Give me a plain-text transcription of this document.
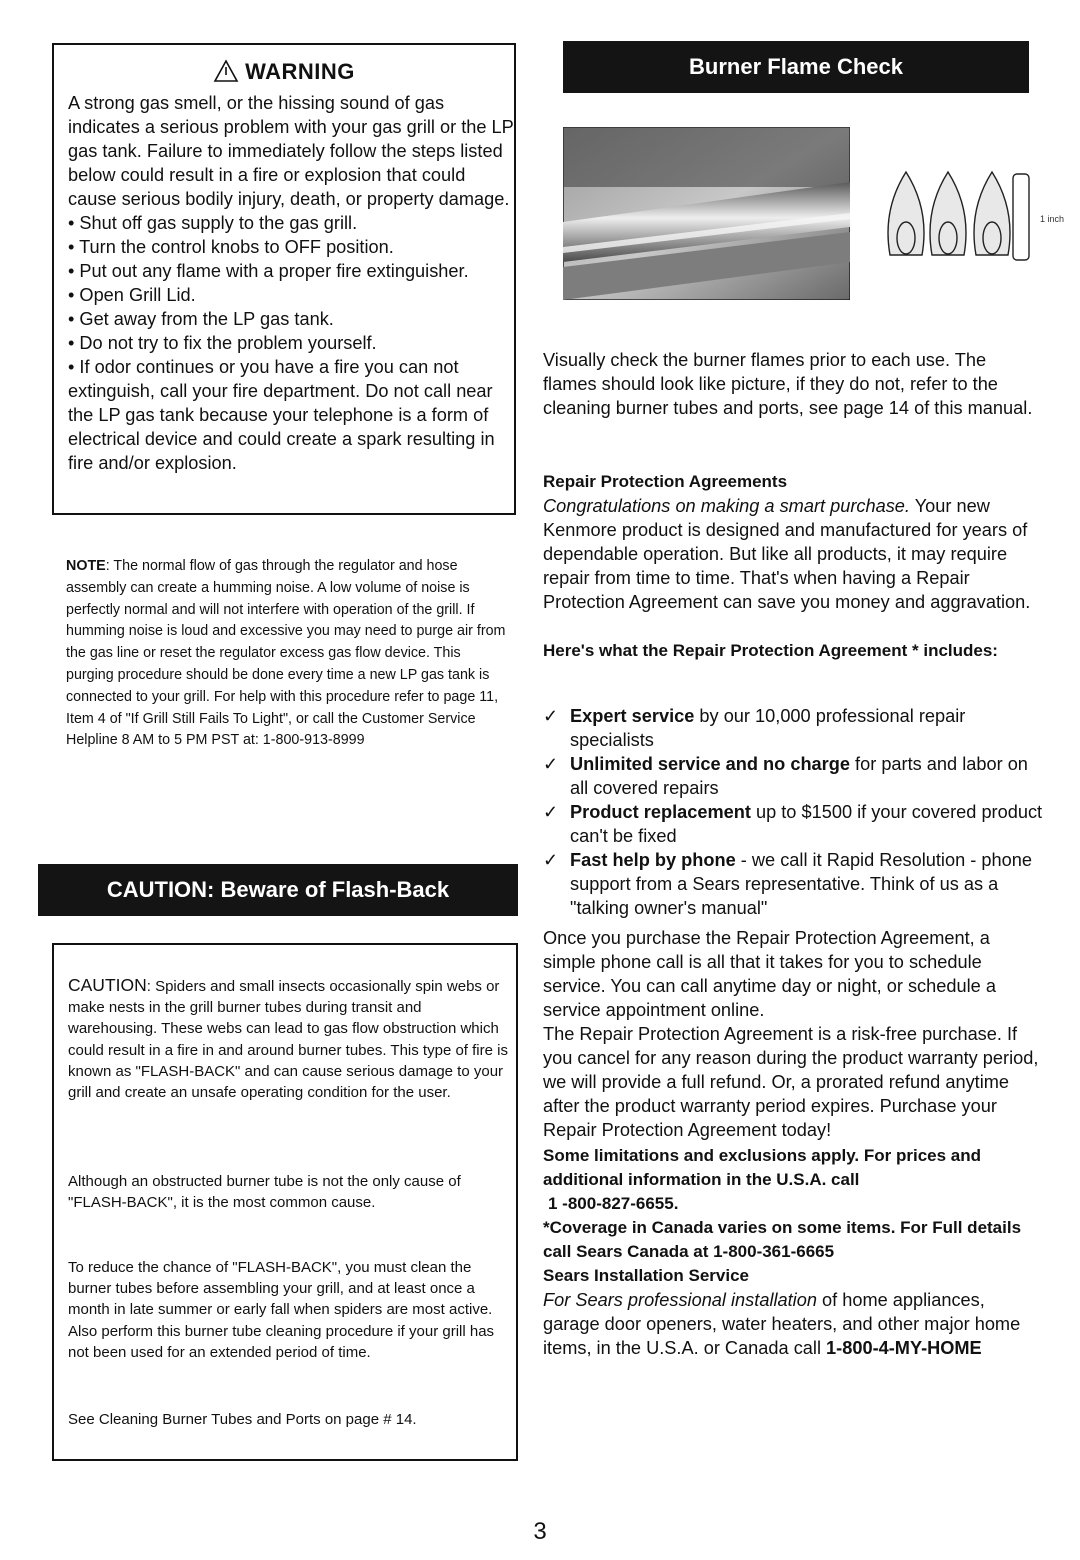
WARNING

A strong gas smell, or the hissing sound of gas indicates a serious problem with your gas grill or the LP gas tank. Failure to immediately follow the steps listed below could result in a fire or explosion that could cause serious bodily injury, death, or property damage.

• Shut off gas supply to the gas grill.

• Turn the control knobs to OFF position.

• Put out any flame with a proper fire extinguisher.

• Open Grill Lid.

• Get away from the LP gas tank.

• Do not try to fix the problem yourself.

• If odor continues or you have a fire you can not extinguish, call your fire department. Do not call near the LP gas tank because your telephone is a form of electrical device and could create a spark resulting in fire and/or explosion.

NOTE: The normal flow of gas through the regulator and hose assembly can create a humming noise. A low volume of noise is perfectly normal and will not interfere with operation of the grill. If humming noise is loud and excessive you may need to purge air from the gas line or reset the regulator excess gas flow device. This purging procedure should be done every time a new LP gas tank is connected to your grill. For help with this procedure refer to page 11, Item 4 of "If Grill Still Fails To Light", or call the Customer Service Helpline 8 AM to 5 PM PST at: 1-800-913-8999
CAUTION: Beware of Flash-Back

CAUTION: Spiders and small insects occasionally spin webs or make nests in the grill burner tubes during transit and warehousing. These webs can lead to gas flow obstruction which could result in a fire in and around burner tubes. This type of fire is known as "FLASH-BACK" and can cause serious damage to your grill and create an unsafe operating condition for the user.

Although an obstructed burner tube is not the only cause of "FLASH-BACK", it is the most common cause.

To reduce the chance of "FLASH-BACK", you must clean the burner tubes before assembling your grill, and at least once a month in late summer or early fall when spiders are most active. Also perform this burner tube cleaning procedure if your grill has not been used for an extended period of time.

See Cleaning Burner Tubes and Ports on page # 14.

Burner Flame Check
1 inch

Visually check the burner flames prior to each use. The flames should look like picture, if they do not, refer to the cleaning burner tubes and ports, see page 14 of this manual.

Repair Protection Agreements

Congratulations on making a smart purchase. Your new Kenmore product is designed and manufactured for years of dependable operation. But like all products, it may require repair from time to time. That's when having a Repair Protection Agreement can save you money and aggravation.

Here's what the Repair Protection Agreement * includes:

✓ Expert service by our 10,000 professional repair specialists
✓ Unlimited service and no charge for parts and labor on all covered repairs
✓ Product replacement up to $1500 if your covered product can't be fixed
✓ Fast help by phone - we call it Rapid Resolution - phone support from a Sears representative. Think of us as a "talking owner's manual"

Once you purchase the Repair Protection Agreement, a simple phone call is all that it takes for you to schedule service. You can call anytime day or night, or schedule a service appointment online.

The Repair Protection Agreement is a risk-free purchase. If you cancel for any reason during the product warranty period, we will provide a full refund. Or, a prorated refund anytime after the product warranty period expires. Purchase your Repair Protection Agreement today!

Some limitations and exclusions apply. For prices and additional information in the U.S.A. call

1 -800-827-6655.

*Coverage in Canada varies on some items. For Full details call Sears Canada at 1-800-361-6665

Sears Installation Service

For Sears professional installation of home appliances, garage door openers, water heaters, and other major home items, in the U.S.A. or Canada call 1-800-4-MY-HOME

3
